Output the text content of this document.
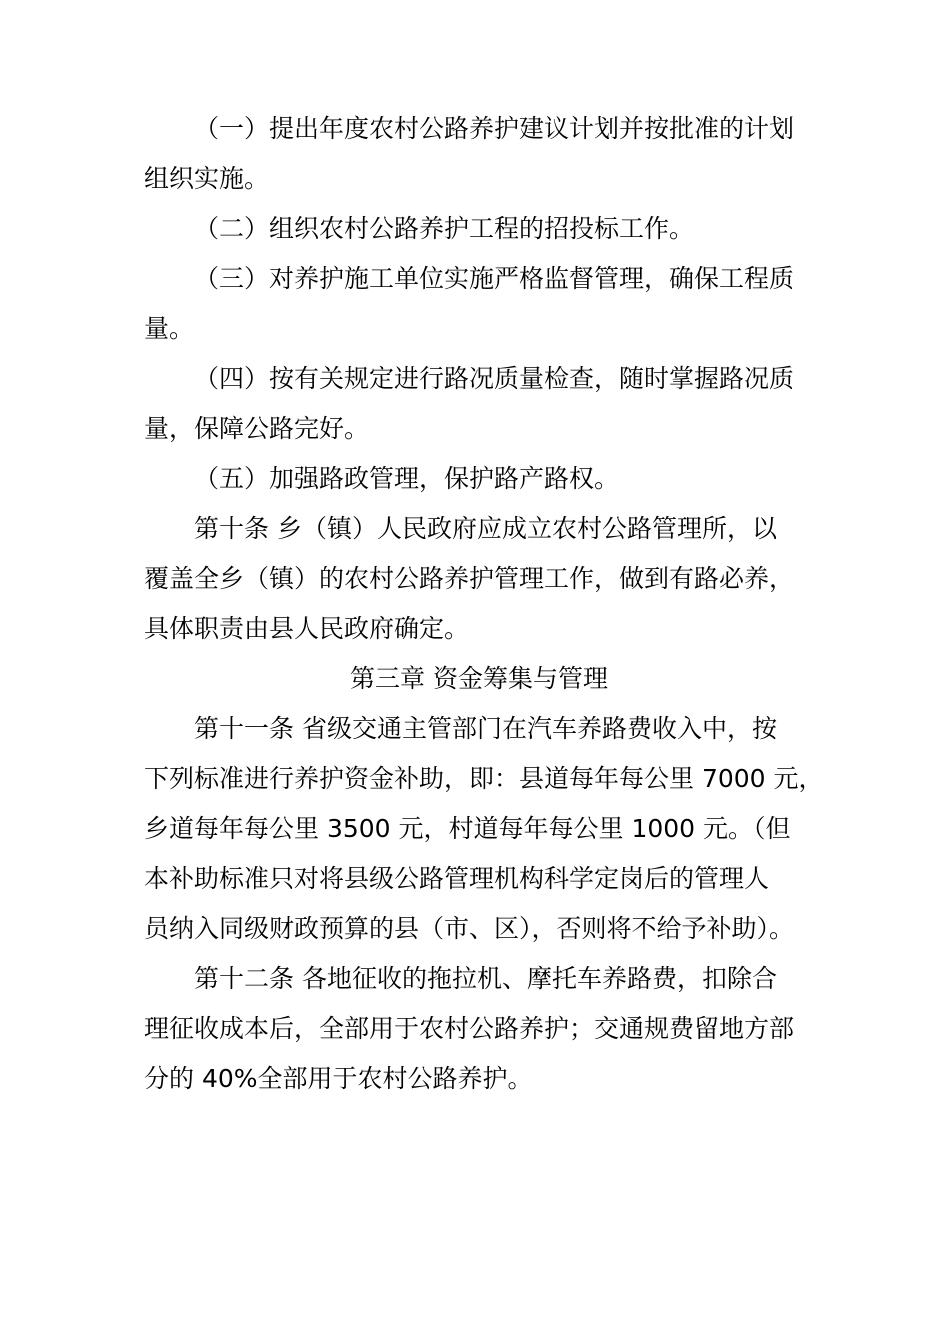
（一）提出年度农村公路养护建议计划并按批准的计划
组织实施。
（二）组织农村公路养护工程的招投标工作。
（三）对养护施工单位实施严格监督管理，确保工程质
量。
（四）按有关规定进行路况质量检查，随时掌握路况质
量，保障公路完好。
（五）加强路政管理，保护路产路权。
第十条 乡（镇）人民政府应成立农村公路管理所，以
覆盖全乡（镇）的农村公路养护管理工作，做到有路必养，
具体职责由县人民政府确定。
第三章 资金筹集与管理
第十一条 省级交通主管部门在汽车养路费收入中，按
下列标准进行养护资金补助，即：县道每年每公里 7000 元，
乡道每年每公里 3500 元，村道每年每公里 1000 元。（但
本补助标准只对将县级公路管理机构科学定岗后的管理人
员纳入同级财政预算的县（市、区），否则将不给予补助）。
第十二条 各地征收的拖拉机、摩托车养路费，扣除合
理征收成本后，全部用于农村公路养护；交通规费留地方部
分的 40%全部用于农村公路养护。
